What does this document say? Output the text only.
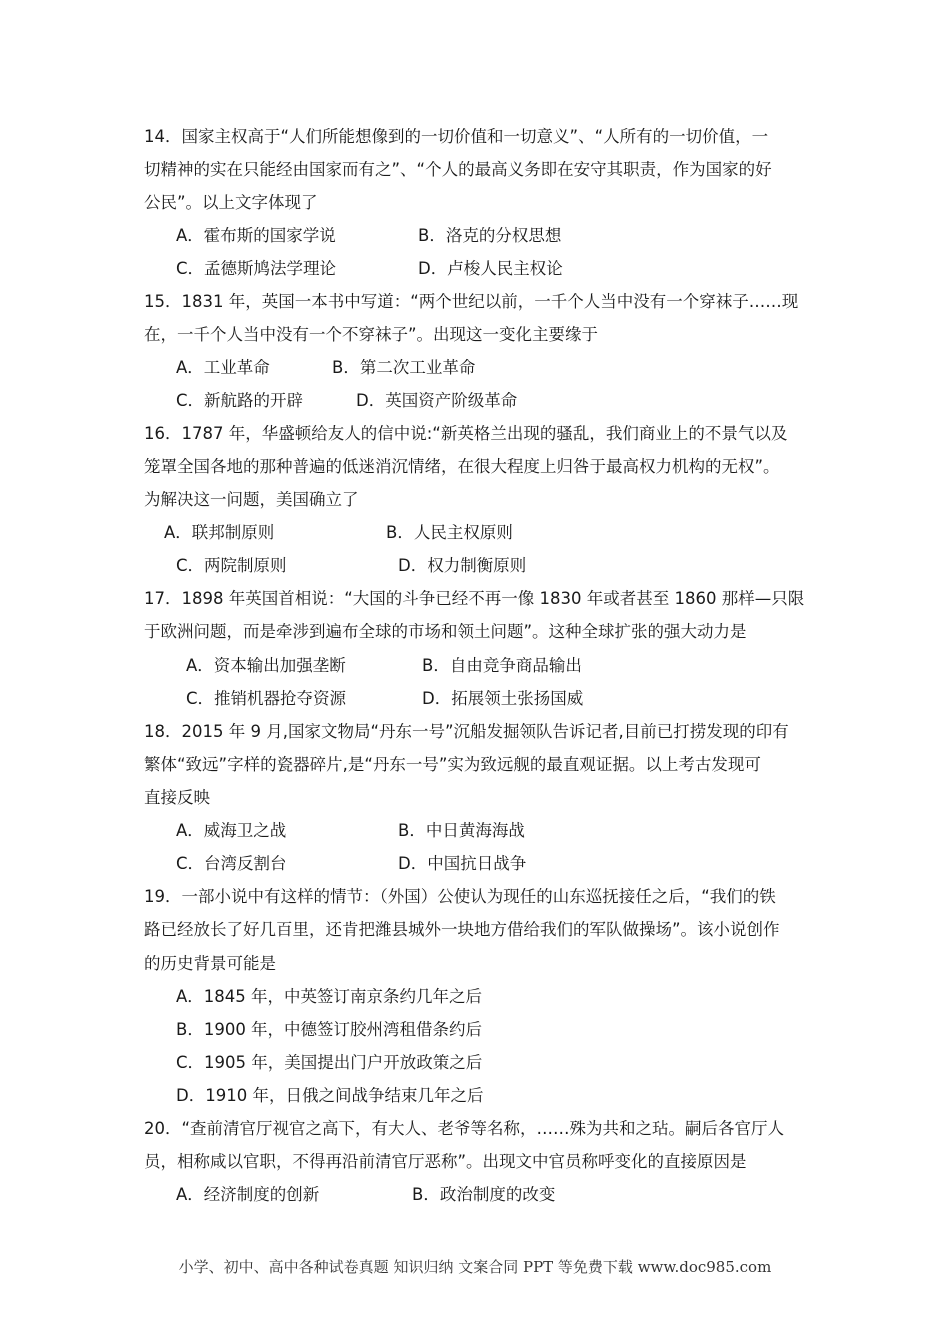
14．国家主权高于“人们所能想像到的一切价值和一切意义”、“人所有的一切价值，一
切精神的实在只能经由国家而有之”、“个人的最高义务即在安守其职责，作为国家的好
公民”。以上文字体现了
A．霍布斯的国家学说	B．洛克的分权思想
C．孟德斯鸠法学理论	D．卢梭人民主权论
15．1831 年，英国一本书中写道：“两个世纪以前，一千个人当中没有一个穿袜子……现
在，一千个人当中没有一个不穿袜子”。出现这一变化主要缘于
A．工业革命	B．第二次工业革命
C．新航路的开辟	D．英国资产阶级革命
16．1787 年，华盛顿给友人的信中说:“新英格兰出现的骚乱，我们商业上的不景气以及
笼罩全国各地的那种普遍的低迷消沉情绪，在很大程度上归咎于最高权力机构的无权”。
为解决这一问题，美国确立了
A．联邦制原则	B．人民主权原则
C．两院制原则	D．权力制衡原则
17．1898 年英国首相说：“大国的斗争已经不再一像 1830 年或者甚至 1860 那样—只限
于欧洲问题，而是牵涉到遍布全球的市场和领土问题”。这种全球扩张的强大动力是
A．资本输出加强垄断	B．自由竞争商品输出
C．推销机器抢夺资源	D．拓展领土张扬国威
18．2015 年 9 月,国家文物局“丹东一号”沉船发掘领队告诉记者,目前已打捞发现的印有
繁体“致远”字样的瓷器碎片,是“丹东一号”实为致远舰的最直观证据。以上考古发现可
直接反映
A．威海卫之战	B．中日黄海海战
C．台湾反割台	D．中国抗日战争
19．一部小说中有这样的情节：（外国）公使认为现任的山东巡抚接任之后，“我们的铁
路已经放长了好几百里，还肯把潍县城外一块地方借给我们的军队做操场”。该小说创作
的历史背景可能是
A．1845 年，中英签订南京条约几年之后
B．1900 年，中德签订胶州湾租借条约后
C．1905 年，美国提出门户开放政策之后
D．1910 年，日俄之间战争结束几年之后
20．“查前清官厅视官之高下，有大人、老爷等名称，……殊为共和之玷。嗣后各官厅人
员，相称咸以官职，不得再沿前清官厅恶称”。出现文中官员称呼变化的直接原因是
A．经济制度的创新	B．政治制度的改变
小学、初中、高中各种试卷真题 知识归纳 文案合同 PPT 等免费下载 www.doc985.com
